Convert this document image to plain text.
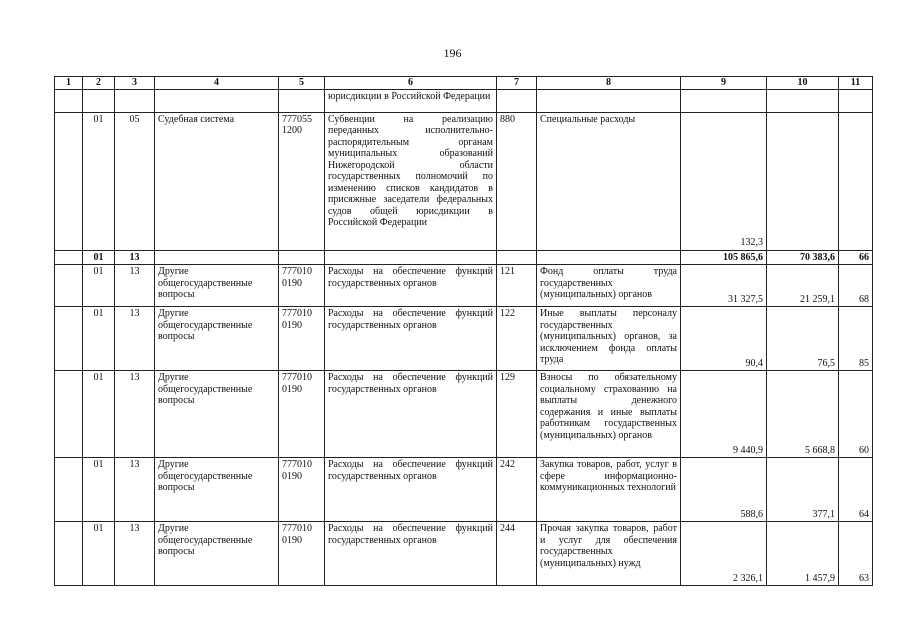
196
1	2	3	4	5	6	7	8	9	10	11
					юрисдикции в Российской Федерации					
	01	05	Судебная система	777055 1200	Субвенции на реализацию переданных исполнительно-распорядительным органам муниципальных образований Нижегородской области государственных полномочий по изменению списков кандидатов в присяжные заседатели федеральных судов общей юрисдикции в Российской Федерации	880	Специальные расходы	132,3		
	01	13						105 865,6	70 383,6	66
	01	13	Другие общегосударственные вопросы	777010 0190	Расходы на обеспечение функций государственных органов	121	Фонд оплаты труда государственных (муниципальных) органов	31 327,5	21 259,1	68
	01	13	Другие общегосударственные вопросы	777010 0190	Расходы на обеспечение функций государственных органов	122	Иные выплаты персоналу государственных (муниципальных) органов, за исключением фонда оплаты труда	90,4	76,5	85
	01	13	Другие общегосударственные вопросы	777010 0190	Расходы на обеспечение функций государственных органов	129	Взносы по обязательному социальному страхованию на выплаты денежного содержания и иные выплаты работникам государственных (муниципальных) органов	9 440,9	5 668,8	60
	01	13	Другие общегосударственные вопросы	777010 0190	Расходы на обеспечение функций государственных органов	242	Закупка товаров, работ, услуг в сфере информационно-коммуникационных технологий	588,6	377,1	64
	01	13	Другие общегосударственные вопросы	777010 0190	Расходы на обеспечение функций государственных органов	244	Прочая закупка товаров, работ и услуг для обеспечения государственных (муниципальных) нужд	2 326,1	1 457,9	63
